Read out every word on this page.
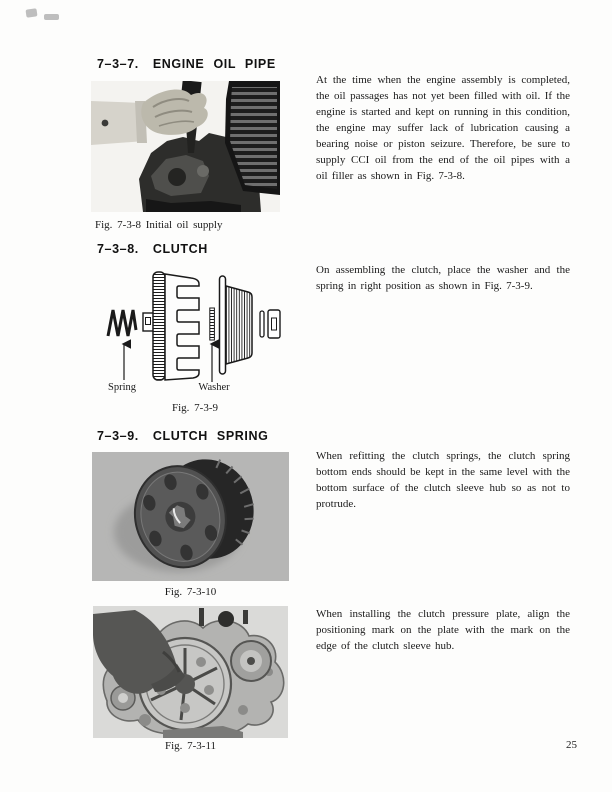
7–3–7. ENGINE OIL PIPE
Fig. 7-3-8 Initial oil supply
At the time when the engine assembly is completed, the oil passages has not yet been filled with oil. If the engine is started and kept on running in this condition, the engine may suffer lack of lubrication causing a bearing noise or piston seizure. Therefore, be sure to supply CCI oil from the end of the oil pipes with a oil filler as shown in Fig. 7-3-8.
7–3–8. CLUTCH
Spring	Washer
Fig. 7-3-9
On assembling the clutch, place the washer and the spring in right position as shown in Fig. 7-3-9.
7–3–9. CLUTCH SPRING
Fig. 7-3-10
When refitting the clutch springs, the clutch spring bottom ends should be kept in the same level with the bottom surface of the clutch sleeve hub so as not to protrude.
Fig. 7-3-11
When installing the clutch pressure plate, align the positioning mark on the plate with the mark on the edge of the clutch sleeve hub.
25
